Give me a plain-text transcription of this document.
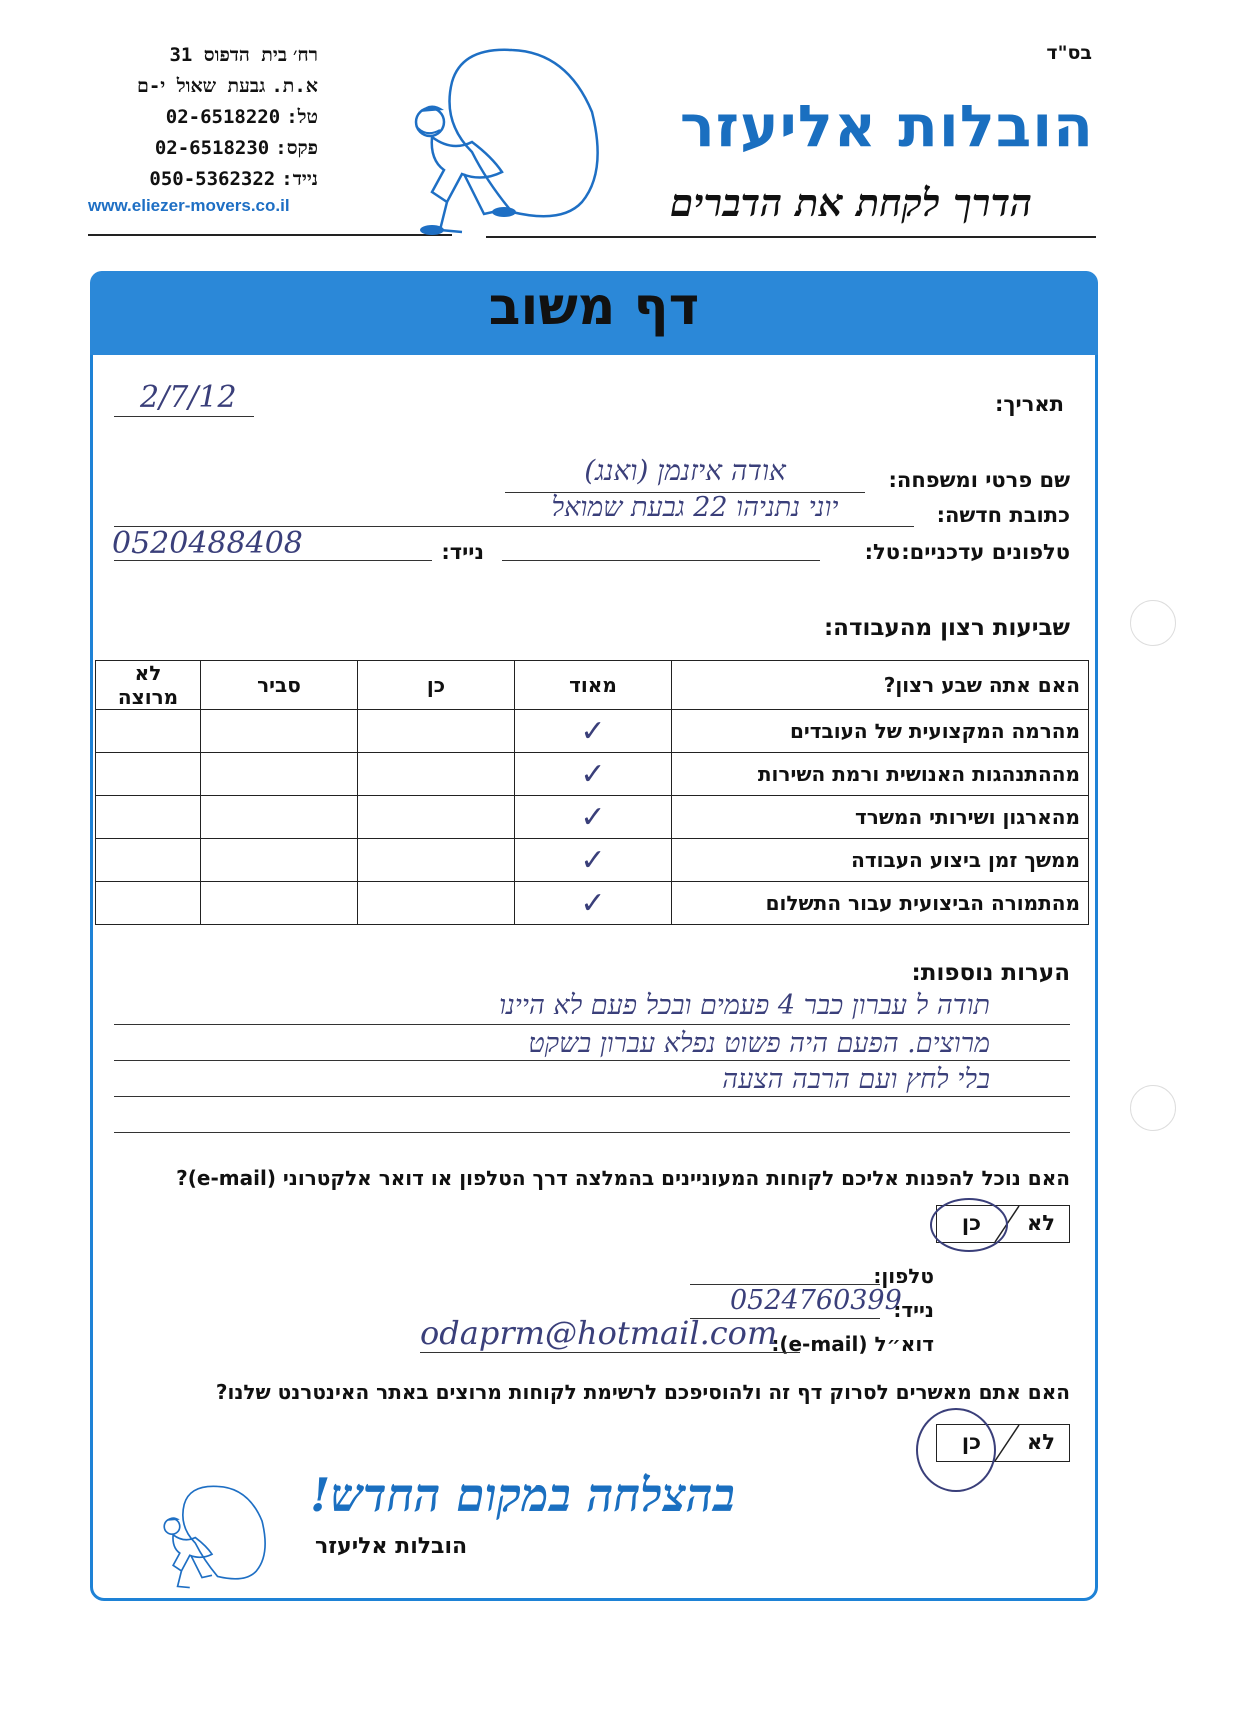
רח׳בית הדפוס 31
א.ת.גבעת שאול י-ם
טל:02-6518220
פקס:02-6518230
נייד:050-5362322
www.eliezer-movers.co.il
בס"ד
הובלות אליעזר
הדרך לקחת את הדברים
דף משוב
תאריך:
2/7/12
שם פרטי ומשפחה:
אודה איזנמן (ואנג)
כתובת חדשה:
יוני נתניהו 22 גבעת שמואל
טלפונים עדכניים:
טל:
נייד:
0520488408
שביעות רצון מהעבודה:
האם אתה שבע רצון?	מאוד	כן	סביר	לא מרוצה
מהרמה המקצועית של העובדים	✓			
מההתנהגות האנושית ורמת השירות	✓			
מהארגון ושירותי המשרד	✓			
ממשך זמן ביצוע העבודה	✓			
מהתמורה הביצועית עבור התשלום	✓			
הערות נוספות:
תודה ל עברון כבר 4 פעמים ובכל פעם לא היינו
מרוצים. הפעם היה פשוט נפלא עברון בשקט
בלי לחץ ועם הרבה הצעה
האם נוכל להפנות אליכם לקוחות המעוניינים בהמלצה דרך הטלפון או דואר אלקטרוני (e-mail)?
לא
כן
טלפון:
נייד:
0524760399
דוא״ל (e-mail):
odaprm@hotmail.com
האם אתם מאשרים לסרוק דף זה ולהוסיפכם לרשימת לקוחות מרוצים באתר האינטרנט שלנו?
לא
כן
בהצלחה במקום החדש!
הובלות אליעזר
